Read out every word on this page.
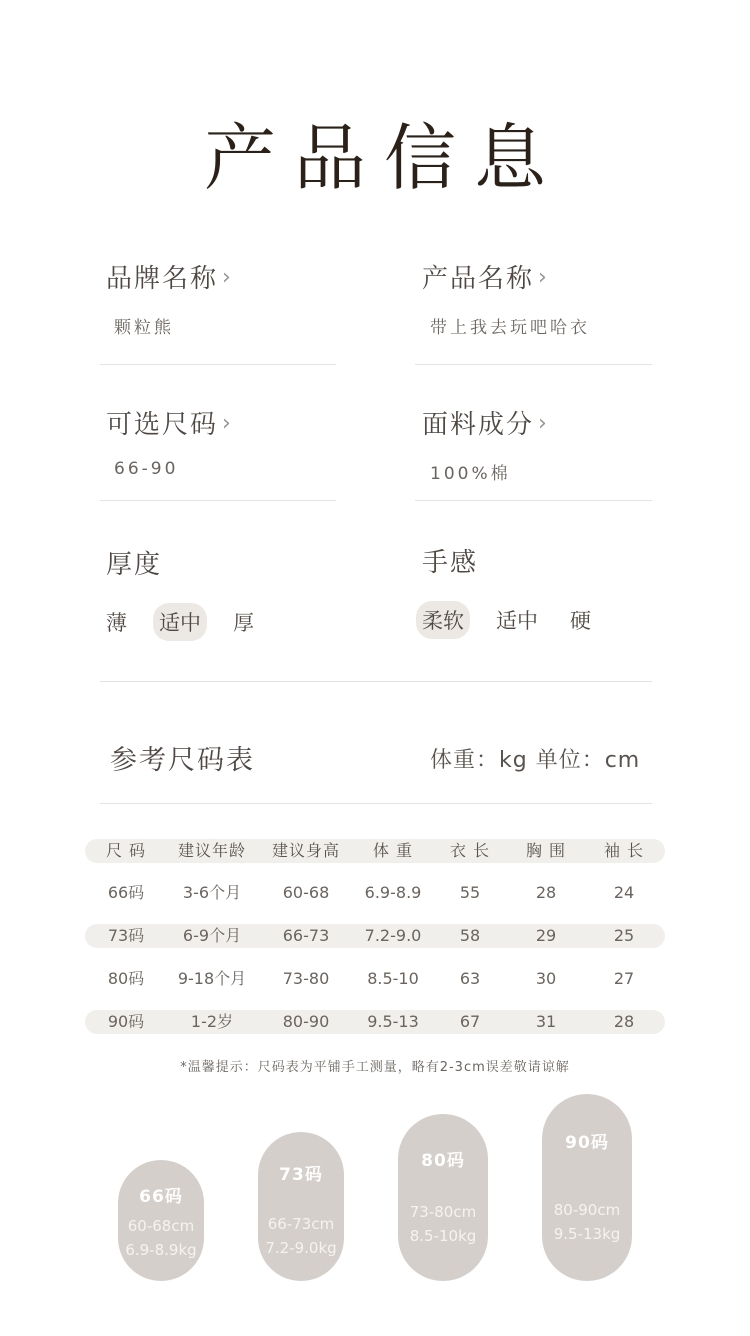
产品信息
品牌名称 ›
颗粒熊
产品名称 ›
带上我去玩吧哈衣
可选尺码 ›
66-90
面料成分 ›
100%棉
厚度
薄 适中 厚
手感
柔软 适中 硬
参考尺码表	体重：kg 单位：cm
尺 码 建议年龄 建议身高 体 重 衣 长 胸 围 袖 长
66码 3-6个月	60-68 6.9-8.9 55	28	24
73码 6-9个月	66-73 7.2-9.0 58	29	25
80码 9-18个月 73-80 8.5-10	63	30	27
90码	1-2岁	80-90 9.5-13	67	31	28
*温馨提示：尺码表为平铺手工测量，略有2-3cm误差敬请谅解
66码
60-68cm
6.9-8.9kg
73码
66-73cm
7.2-9.0kg
80码
73-80cm
8.5-10kg
90码
80-90cm
9.5-13kg
